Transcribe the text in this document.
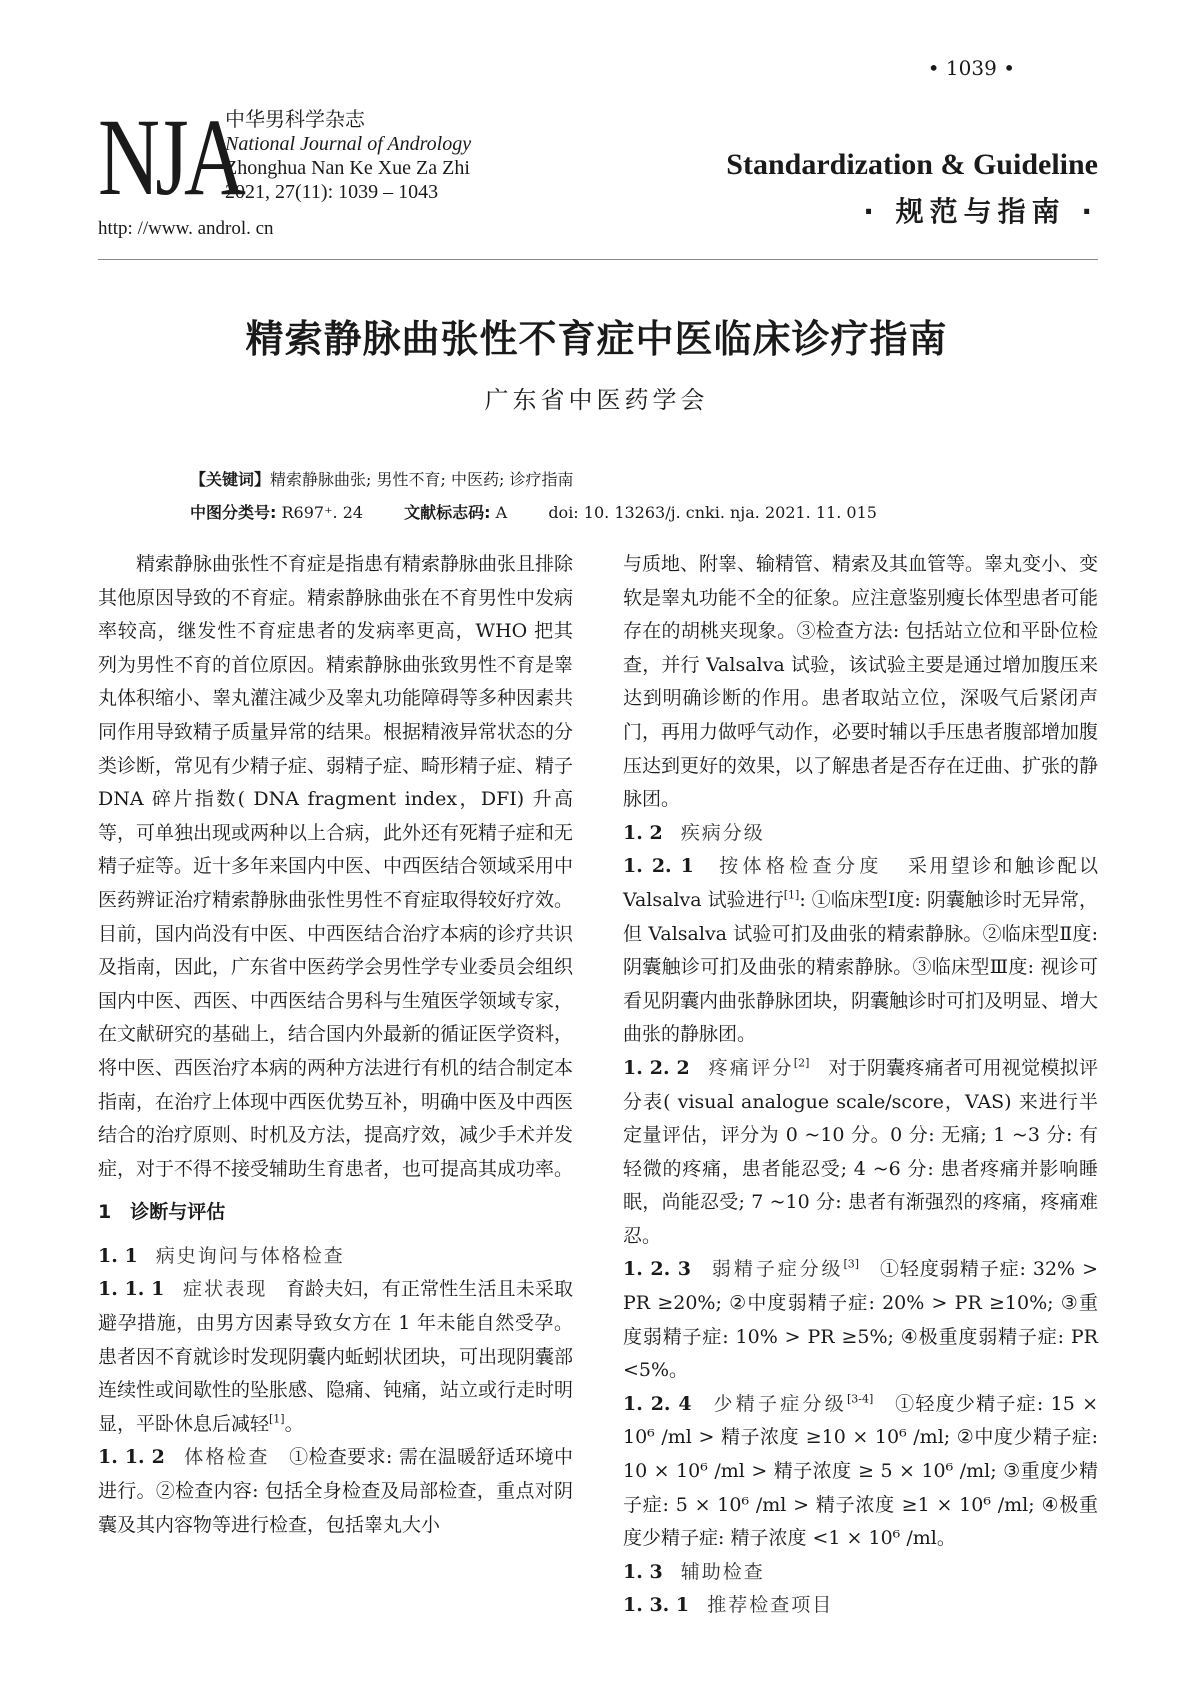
• 1039 •
NJA
中华男科学杂志
National Journal of Andrology
Zhonghua Nan Ke Xue Za Zhi
2021, 27(11): 1039 – 1043
http: //www. androl. cn
Standardization & Guideline
· 规范与指南 ·
精索静脉曲张性不育症中医临床诊疗指南
广东省中医药学会
【关键词】精索静脉曲张; 男性不育; 中医药; 诊疗指南
中图分类号: R697⁺. 24	文献标志码: A	doi: 10. 13263/j. cnki. nja. 2021. 11. 015

精索静脉曲张性不育症是指患有精索静脉曲张且排除其他原因导致的不育症。精索静脉曲张在不育男性中发病率较高，继发性不育症患者的发病率更高，WHO 把其列为男性不育的首位原因。精索静脉曲张致男性不育是睾丸体积缩小、睾丸灌注减少及睾丸功能障碍等多种因素共同作用导致精子质量异常的结果。根据精液异常状态的分类诊断，常见有少精子症、弱精子症、畸形精子症、精子 DNA 碎片指数( DNA fragment index，DFI) 升高等，可单独出现或两种以上合病，此外还有死精子症和无精子症等。近十多年来国内中医、中西医结合领域采用中医药辨证治疗精索静脉曲张性男性不育症取得较好疗效。目前，国内尚没有中医、中西医结合治疗本病的诊疗共识及指南，因此，广东省中医药学会男性学专业委员会组织国内中医、西医、中西医结合男科与生殖医学领域专家，在文献研究的基础上，结合国内外最新的循证医学资料，将中医、西医治疗本病的两种方法进行有机的结合制定本指南，在治疗上体现中西医优势互补，明确中医及中西医结合的治疗原则、时机及方法，提高疗效，减少手术并发症，对于不得不接受辅助生育患者，也可提高其成功率。

1　诊断与评估

1. 1 病史询问与体格检查

1. 1. 1 症状表现 育龄夫妇，有正常性生活且未采取避孕措施，由男方因素导致女方在 1 年未能自然受孕。患者因不育就诊时发现阴囊内蚯蚓状团块，可出现阴囊部连续性或间歇性的坠胀感、隐痛、钝痛，站立或行走时明显，平卧休息后减轻[1]。

1. 1. 2 体格检查 ①检查要求: 需在温暖舒适环境中进行。②检查内容: 包括全身检查及局部检查，重点对阴囊及其内容物等进行检查，包括睾丸大小

与质地、附睾、输精管、精索及其血管等。睾丸变小、变软是睾丸功能不全的征象。应注意鉴别瘦长体型患者可能存在的胡桃夹现象。③检查方法: 包括站立位和平卧位检查，并行 Valsalva 试验，该试验主要是通过增加腹压来达到明确诊断的作用。患者取站立位，深吸气后紧闭声门，再用力做呼气动作，必要时辅以手压患者腹部增加腹压达到更好的效果，以了解患者是否存在迂曲、扩张的静脉团。

1. 2 疾病分级

1. 2. 1 按体格检查分度 采用望诊和触诊配以 Valsalva 试验进行[1]: ①临床型Ⅰ度: 阴囊触诊时无异常，但 Valsalva 试验可扪及曲张的精索静脉。②临床型Ⅱ度: 阴囊触诊可扪及曲张的精索静脉。③临床型Ⅲ度: 视诊可看见阴囊内曲张静脉团块，阴囊触诊时可扪及明显、增大曲张的静脉团。

1. 2. 2 疼痛评分[2] 对于阴囊疼痛者可用视觉模拟评分表( visual analogue scale/score，VAS) 来进行半定量评估，评分为 0 ~10 分。0 分: 无痛; 1 ~3 分: 有轻微的疼痛，患者能忍受; 4 ~6 分: 患者疼痛并影响睡眠，尚能忍受; 7 ~10 分: 患者有渐强烈的疼痛，疼痛难忍。

1. 2. 3 弱精子症分级[3] ①轻度弱精子症: 32% > PR ≥20%; ②中度弱精子症: 20% > PR ≥10%; ③重度弱精子症: 10% > PR ≥5%; ④极重度弱精子症: PR <5%。

1. 2. 4 少精子症分级[3-4] ①轻度少精子症: 15 × 10⁶ /ml > 精子浓度 ≥10 × 10⁶ /ml; ②中度少精子症: 10 × 10⁶ /ml > 精子浓度 ≥ 5 × 10⁶ /ml; ③重度少精子症: 5 × 10⁶ /ml > 精子浓度 ≥1 × 10⁶ /ml; ④极重度少精子症: 精子浓度 <1 × 10⁶ /ml。

1. 3 辅助检查

1. 3. 1 推荐检查项目
